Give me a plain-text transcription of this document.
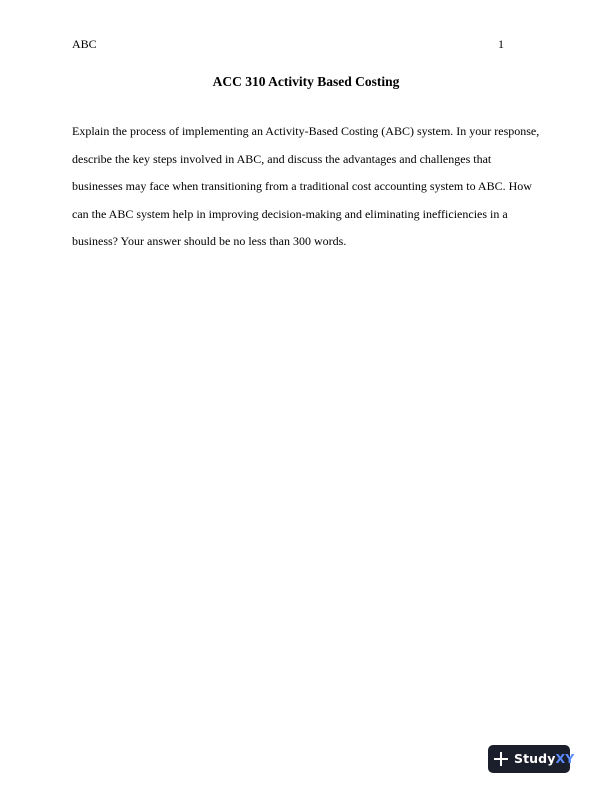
ABC	1
ACC 310 Activity Based Costing
Explain the process of implementing an Activity-Based Costing (ABC) system. In your response,
describe the key steps involved in ABC, and discuss the advantages and challenges that
businesses may face when transitioning from a traditional cost accounting system to ABC. How
can the ABC system help in improving decision-making and eliminating inefficiencies in a
business? Your answer should be no less than 300 words.
StudyXY
